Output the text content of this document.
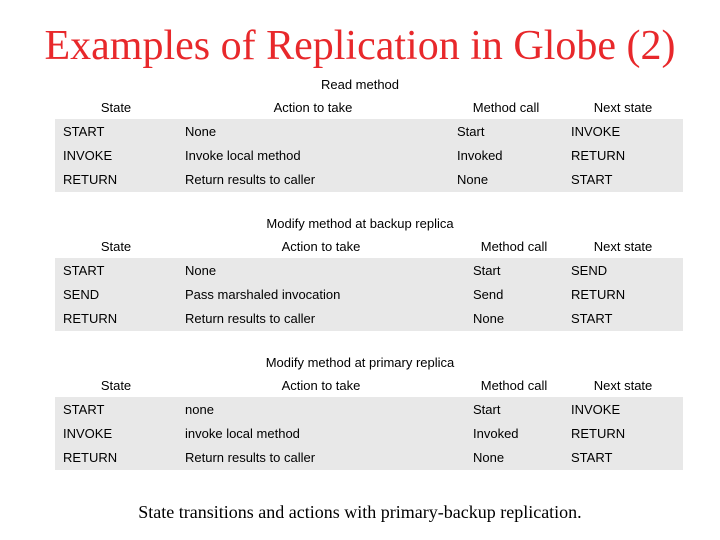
Examples of Replication in Globe (2)
Read method
State	Action to take	Method call	Next state
START	None	Start	INVOKE
INVOKE	Invoke local method	Invoked	RETURN
RETURN	Return results to caller	None	START
Modify method at backup replica
State	Action to take	Method call	Next state
START	None	Start	SEND
SEND	Pass marshaled invocation	Send	RETURN
RETURN	Return results to caller	None	START
Modify method at primary replica
State	Action to take	Method call	Next state
START	none	Start	INVOKE
INVOKE	invoke local method	Invoked	RETURN
RETURN	Return results to caller	None	START
State transitions and actions with primary-backup replication.
